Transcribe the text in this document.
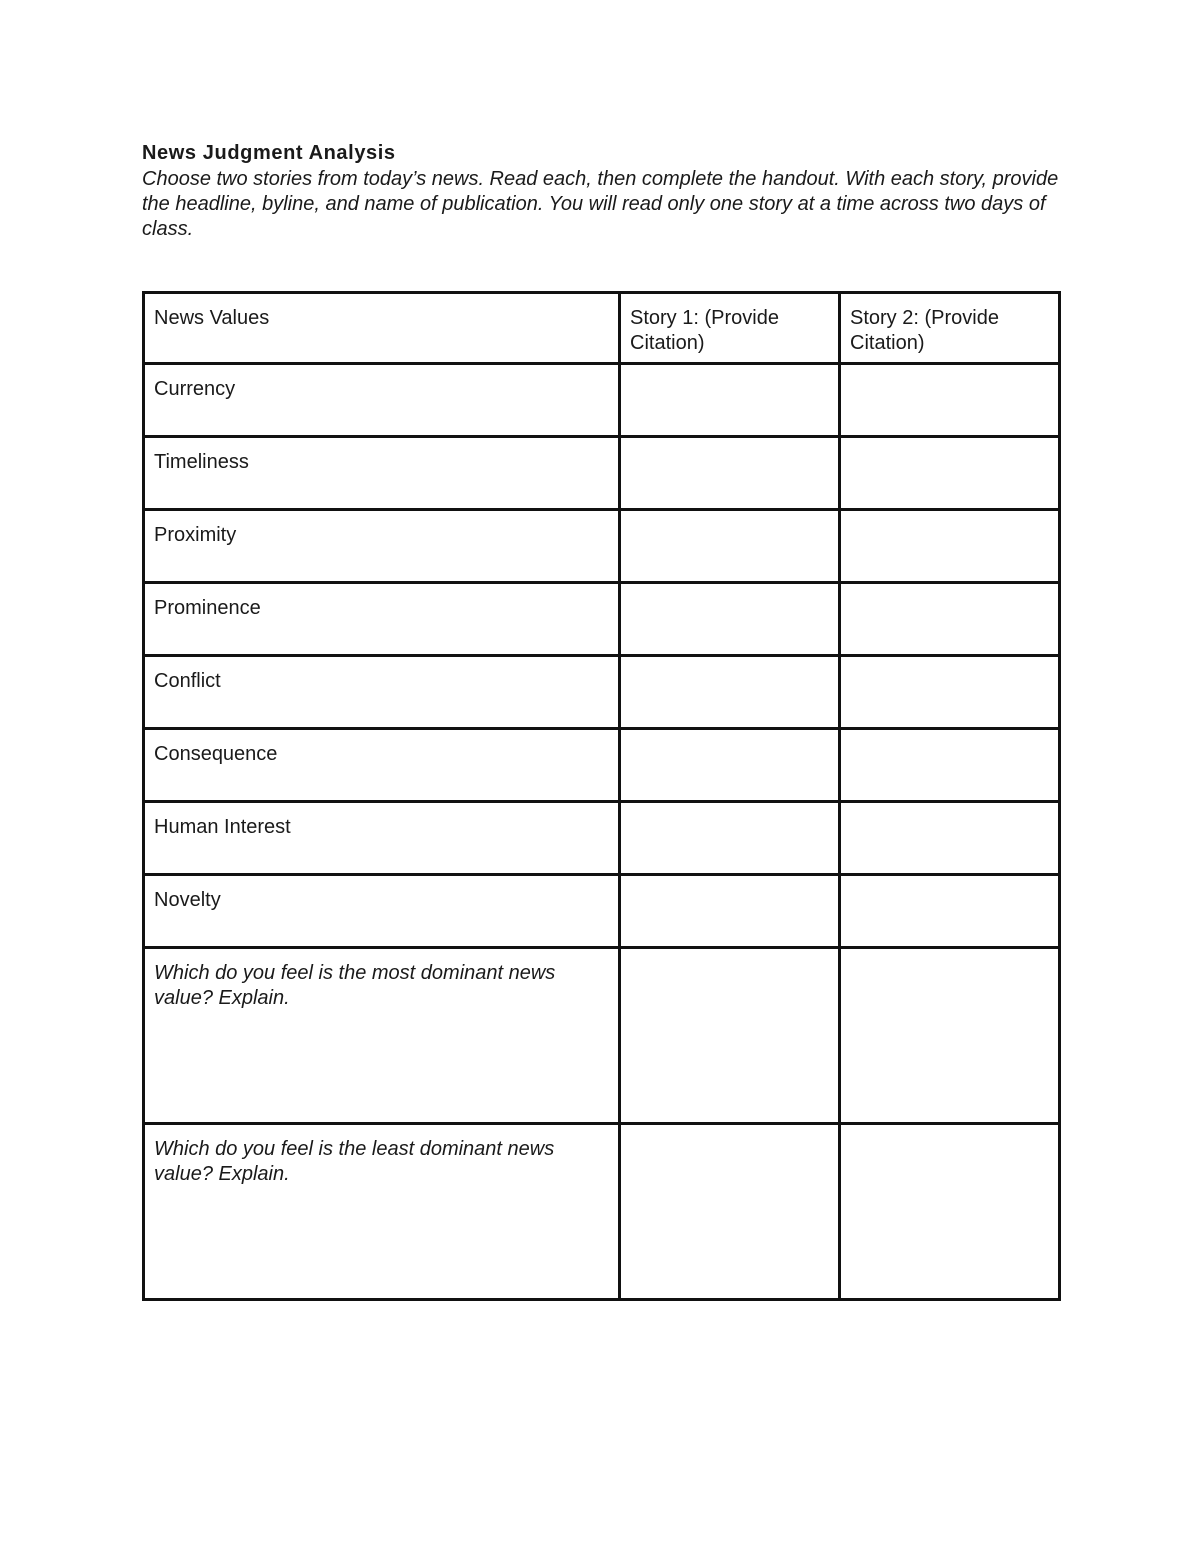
News Judgment Analysis

Choose two stories from today’s news. Read each, then complete the handout. With each story, provide the headline, byline, and name of publication. You will read only one story at a time across two days of class.

News Values	Story 1: (Provide Citation)	Story 2: (Provide Citation)
Currency		
Timeliness		
Proximity		
Prominence		
Conflict		
Consequence		
Human Interest		
Novelty		
Which do you feel is the most dominant news value? Explain.		
Which do you feel is the least dominant news value? Explain.		
